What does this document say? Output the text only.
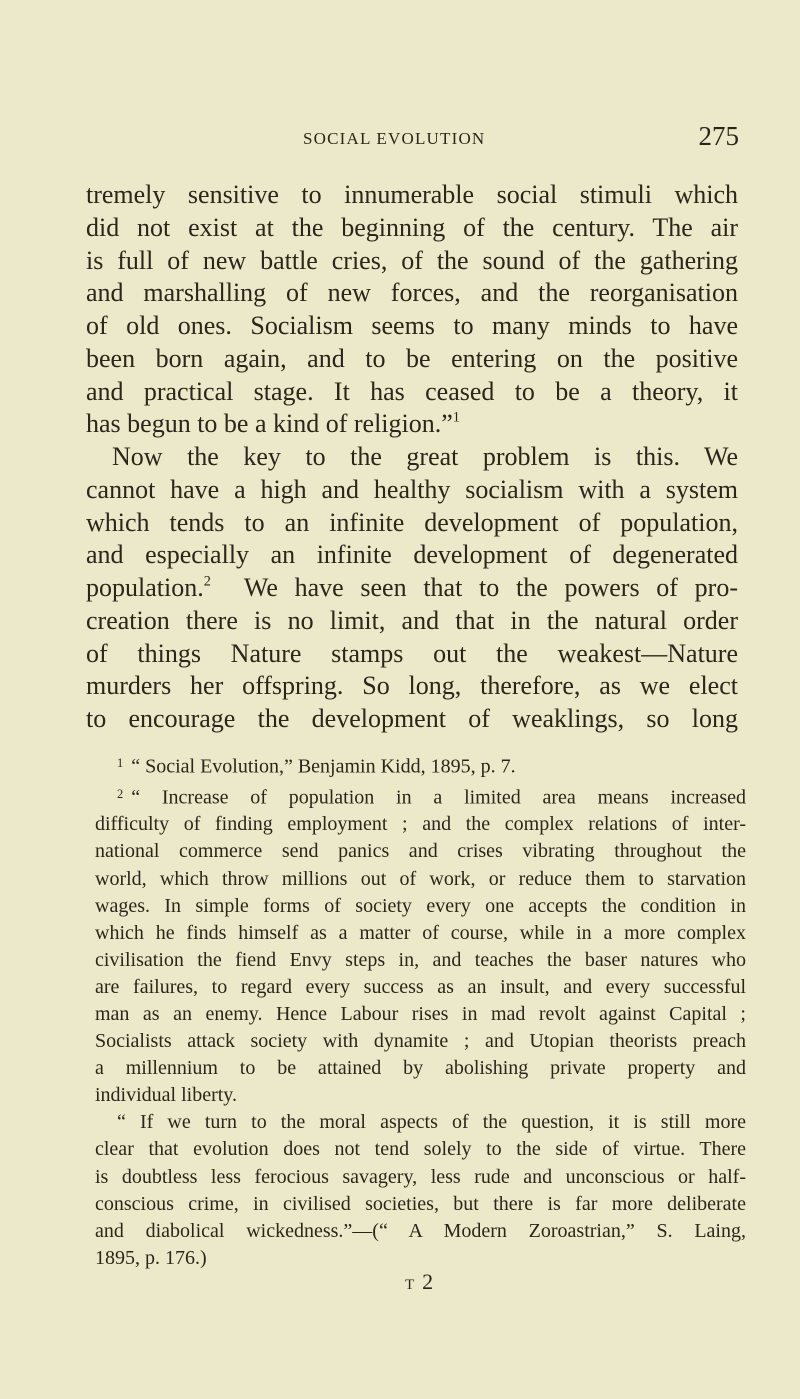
SOCIAL EVOLUTION	275
tremely sensitive to innumerable social stimuli which
did not exist at the beginning of the century. The air
is full of new battle cries, of the sound of the gathering
and marshalling of new forces, and the reorganisation
of old ones. Socialism seems to many minds to have
been born again, and to be entering on the positive
and practical stage. It has ceased to be a theory, it
has begun to be a kind of religion.”$^1$
Now the key to the great problem is this. We
cannot have a high and healthy socialism with a system
which tends to an infinite development of population,
and especially an infinite development of degenerated
population.$^2$ We have seen that to the powers of pro-
creation there is no limit, and that in the natural order
of things Nature stamps out the weakest—Nature
murders her offspring. So long, therefore, as we elect
to encourage the development of weaklings, so long
$^1$ “ Social Evolution,” Benjamin Kidd, 1895, p. 7.
$^2$ “ Increase of population in a limited area means increased
difficulty of finding employment ; and the complex relations of inter-
national commerce send panics and crises vibrating throughout the
world, which throw millions out of work, or reduce them to starvation
wages. In simple forms of society every one accepts the condition in
which he finds himself as a matter of course, while in a more complex
civilisation the fiend Envy steps in, and teaches the baser natures who
are failures, to regard every success as an insult, and every successful
man as an enemy. Hence Labour rises in mad revolt against Capital ;
Socialists attack society with dynamite ; and Utopian theorists preach
a millennium to be attained by abolishing private property and
individual liberty.
“ If we turn to the moral aspects of the question, it is still more
clear that evolution does not tend solely to the side of virtue. There
is doubtless less ferocious savagery, less rude and unconscious or half-
conscious crime, in civilised societies, but there is far more deliberate
and diabolical wickedness.”—(“ A Modern Zoroastrian,” S. Laing,
1895, p. 176.)
T 2
